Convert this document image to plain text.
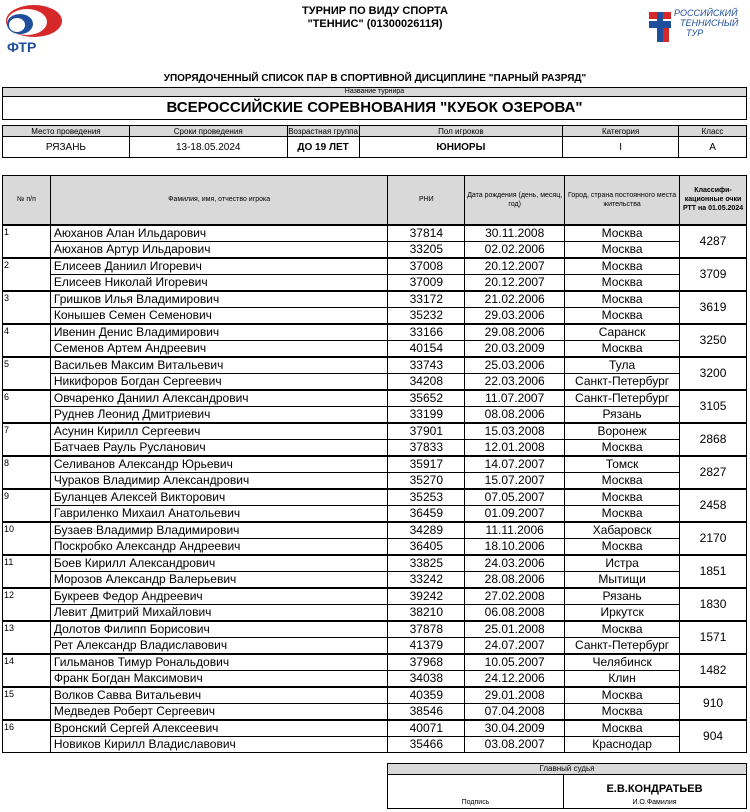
ФТР
ТУРНИР ПО ВИДУ СПОРТА
"ТЕННИС" (0130002611Я)
РОССИЙСКИЙ
ТЕННИСНЫЙ
ТУР
УПОРЯДОЧЕННЫЙ СПИСОК ПАР В СПОРТИВНОЙ ДИСЦИПЛИНЕ "ПАРНЫЙ РАЗРЯД"
Название турнира
ВСЕРОССИЙСКИЕ СОРЕВНОВАНИЯ "КУБОК ОЗЕРОВА"
Место проведения	Сроки проведения	Возрастная группа	Пол игроков	Категория	Класс
РЯЗАНЬ	13-18.05.2024	ДО 19 ЛЕТ	ЮНИОРЫ	I	А
№ п/п	Фамилия, имя, отчество игрока	РНИ	Дата рождения (день, месяц, год)	Город, страна постоянного места жительства	Классифи-кационные очки РТТ на 01.05.2024
1	Аюханов Алан Ильдарович	37814	30.11.2008	Москва	4287
	Аюханов Артур Ильдарович	33205	02.02.2006	Москва	
2	Елисеев Даниил Игоревич	37008	20.12.2007	Москва	3709
	Елисеев Николай Игоревич	37009	20.12.2007	Москва	
3	Гришков Илья Владимирович	33172	21.02.2006	Москва	3619
	Конышев Семен Семенович	35232	29.03.2006	Москва	
4	Ивенин Денис Владимирович	33166	29.08.2006	Саранск	3250
	Семенов Артем Андреевич	40154	20.03.2009	Москва	
5	Васильев Максим Витальевич	33743	25.03.2006	Тула	3200
	Никифоров Богдан Сергеевич	34208	22.03.2006	Санкт-Петербург	
6	Овчаренко Даниил Александрович	35652	11.07.2007	Санкт-Петербург	3105
	Руднев Леонид Дмитриевич	33199	08.08.2006	Рязань	
7	Асунин Кирилл Сергеевич	37901	15.03.2008	Воронеж	2868
	Батчаев Рауль Русланович	37833	12.01.2008	Москва	
8	Селиванов Александр Юрьевич	35917	14.07.2007	Томск	2827
	Чураков Владимир Александрович	35270	15.07.2007	Москва	
9	Буланцев Алексей Викторович	35253	07.05.2007	Москва	2458
	Гавриленко Михаил Анатольевич	36459	01.09.2007	Москва	
10	Бузаев Владимир Владимирович	34289	11.11.2006	Хабаровск	2170
	Поскробко Александр Андреевич	36405	18.10.2006	Москва	
11	Боев Кирилл Александрович	33825	24.03.2006	Истра	1851
	Морозов Александр Валерьевич	33242	28.08.2006	Мытищи	
12	Букреев Федор Андреевич	39242	27.02.2008	Рязань	1830
	Левит Дмитрий Михайлович	38210	06.08.2008	Иркутск	
13	Долотов Филипп Борисович	37878	25.01.2008	Москва	1571
	Рет Александр Владиславович	41379	24.07.2007	Санкт-Петербург	
14	Гильманов Тимур Рональдович	37968	10.05.2007	Челябинск	1482
	Франк Богдан Максимович	34038	24.12.2006	Клин	
15	Волков Савва Витальевич	40359	29.01.2008	Москва	910
	Медведев Роберт Сергеевич	38546	07.04.2008	Москва	
16	Вронский Сергей Алексеевич	40071	30.04.2009	Москва	904
	Новиков Кирилл Владиславович	35466	03.08.2007	Краснодар	
Главный судья
Подпись
Е.В.КОНДРАТЬЕВ
И.О.Фамилия
